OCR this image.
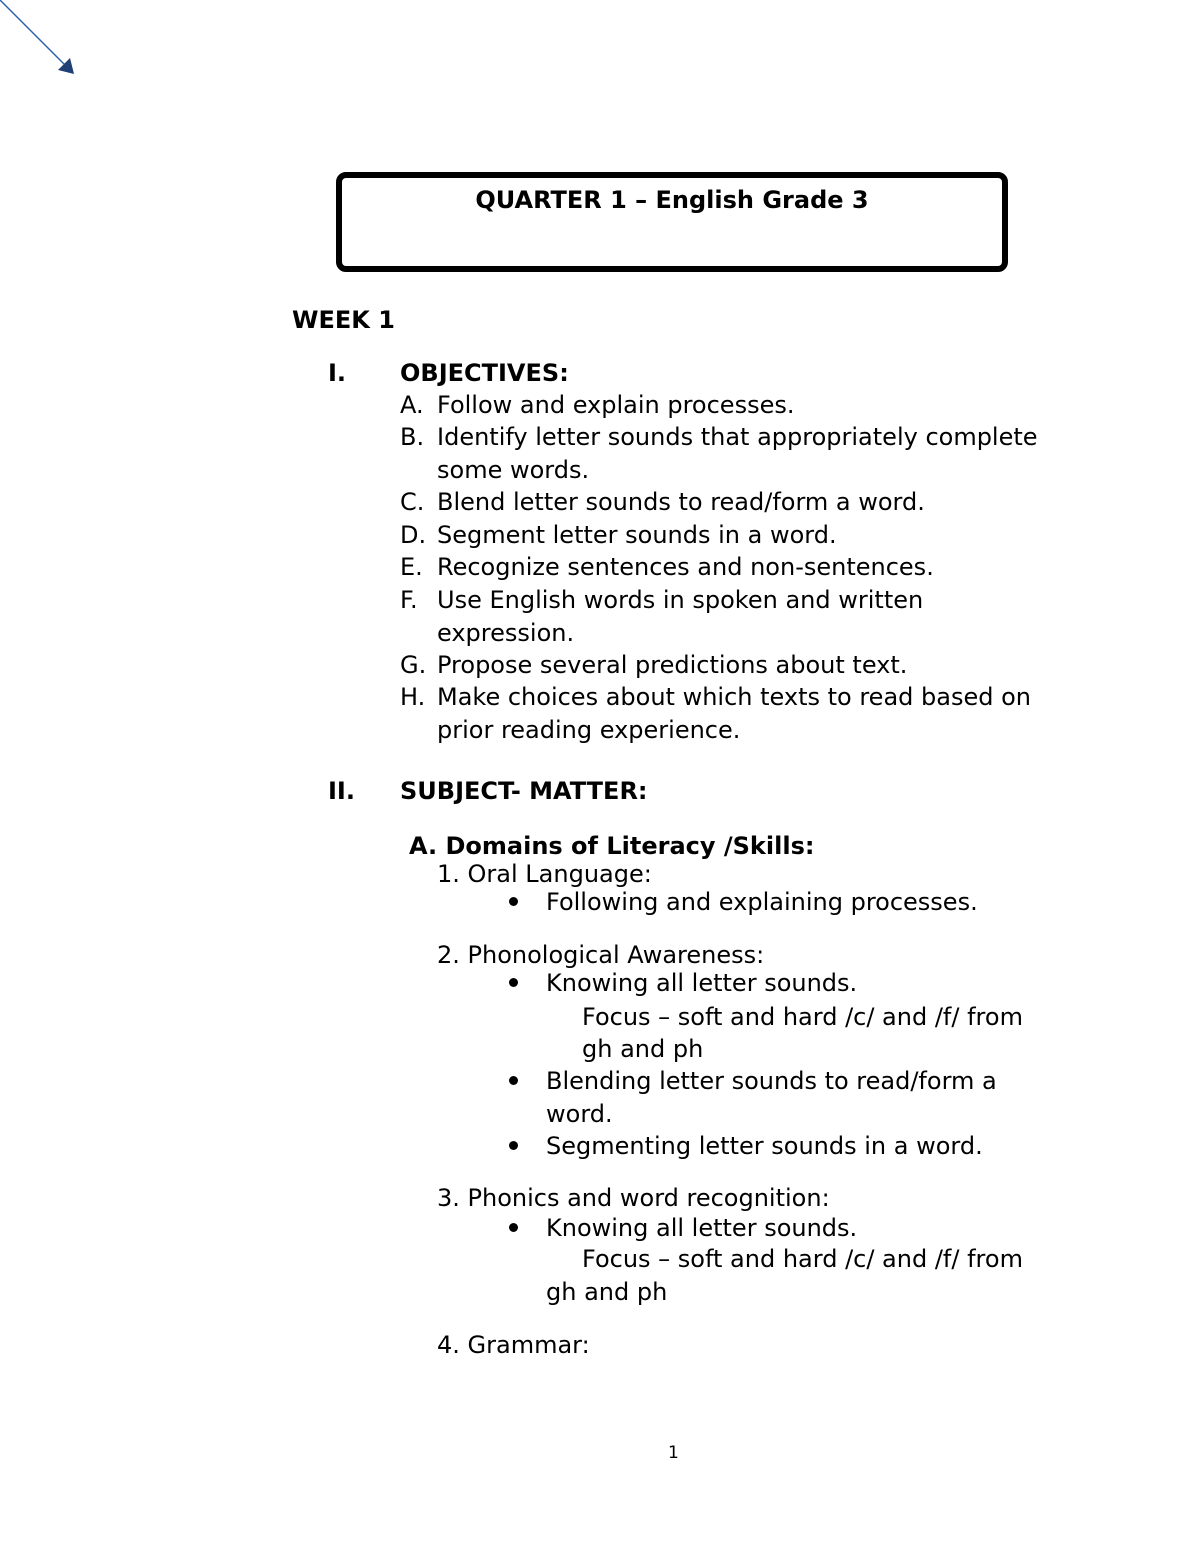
QUARTER 1 – English Grade 3
WEEK 1
I. OBJECTIVES:
A. Follow and explain processes.
B. Identify letter sounds that appropriately complete
some words.
C. Blend letter sounds to read/form a word.
D. Segment letter sounds in a word.
E. Recognize sentences and non-sentences.
F. Use English words in spoken and written
expression.
G. Propose several predictions about text.
H. Make choices about which texts to read based on
prior reading experience.
II. SUBJECT- MATTER:
A. Domains of Literacy /Skills:
1. Oral Language:
Following and explaining processes.
2. Phonological Awareness:
Knowing all letter sounds.
Focus – soft and hard /c/ and /f/ from
gh and ph
Blending letter sounds to read/form a
word.
Segmenting letter sounds in a word.
3. Phonics and word recognition:
Knowing all letter sounds.
Focus – soft and hard /c/ and /f/ from
gh and ph
4. Grammar:
1
